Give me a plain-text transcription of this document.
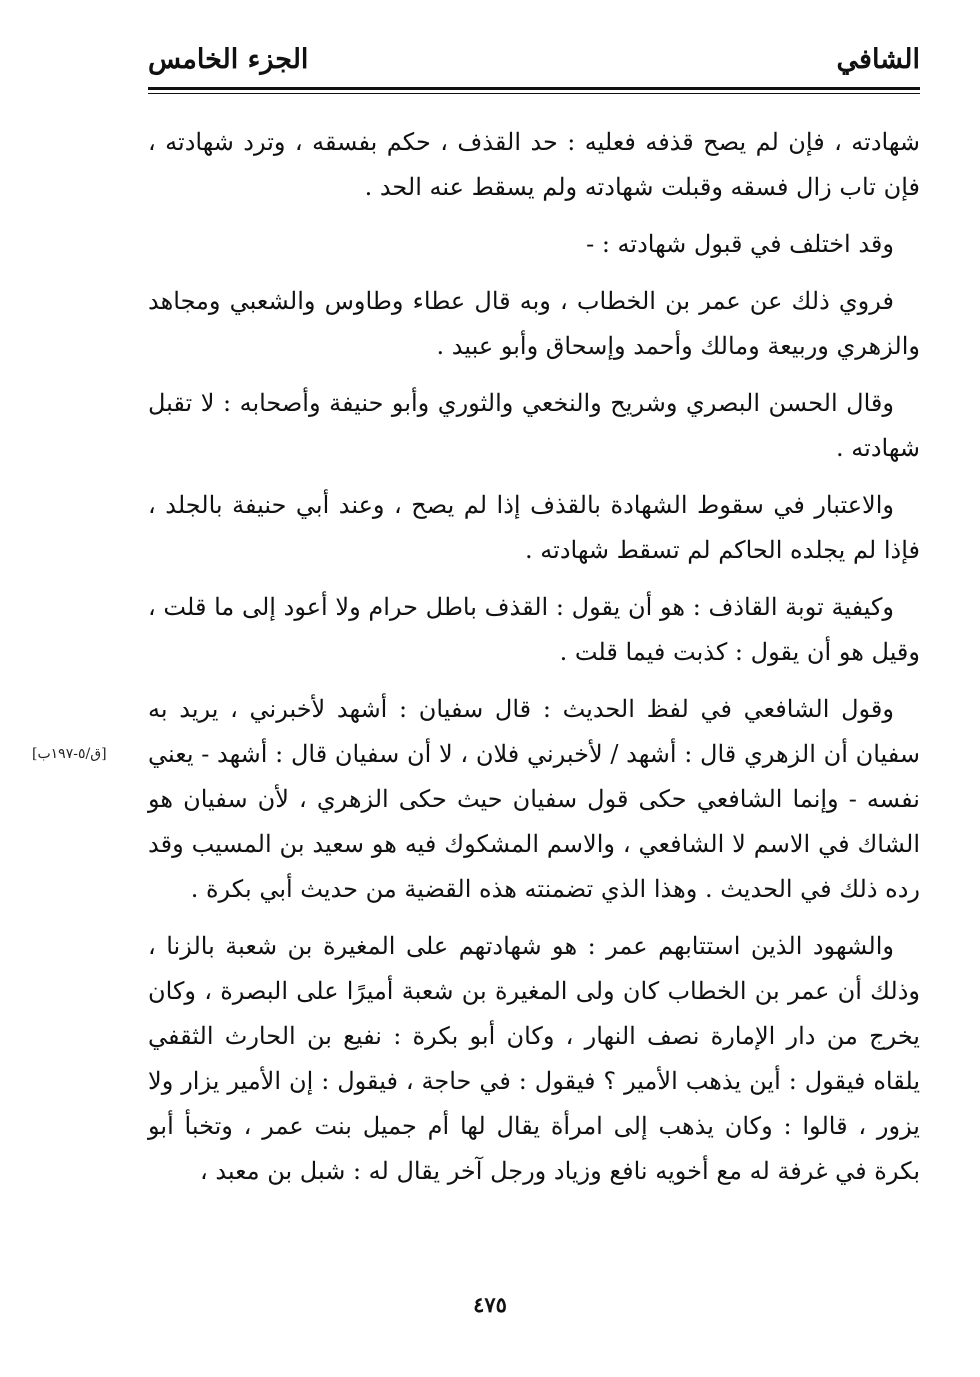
الشافي
الجزء الخامس

شهادته ، فإن لم يصح قذفه فعليه : حد القذف ، حكم بفسقه ، وترد شهادته ، فإن تاب زال فسقه وقبلت شهادته ولم يسقط عنه الحد .

وقد اختلف في قبول شهادته : -

فروي ذلك عن عمر بن الخطاب ، وبه قال عطاء وطاوس والشعبي ومجاهد والزهري وربيعة ومالك وأحمد وإسحاق وأبو عبيد .

وقال الحسن البصري وشريح والنخعي والثوري وأبو حنيفة وأصحابه : لا تقبل شهادته .

والاعتبار في سقوط الشهادة بالقذف إذا لم يصح ، وعند أبي حنيفة بالجلد ، فإذا لم يجلده الحاكم لم تسقط شهادته .

وكيفية توبة القاذف : هو أن يقول : القذف باطل حرام ولا أعود إلى ما قلت ، وقيل هو أن يقول : كذبت فيما قلت .

وقول الشافعي في لفظ الحديث : قال سفيان : أشهد لأخبرني ، يريد به سفيان أن الزهري قال : أشهد / لأخبرني فلان ، لا أن سفيان قال : أشهد - يعني نفسه - وإنما الشافعي حكى قول سفيان حيث حكى الزهري ، لأن سفيان هو الشاك في الاسم لا الشافعي ، والاسم المشكوك فيه هو سعيد بن المسيب وقد رده ذلك في الحديث . وهذا الذي تضمنته هذه القضية من حديث أبي بكرة .

والشهود الذين استتابهم عمر : هو شهادتهم على المغيرة بن شعبة بالزنا ، وذلك أن عمر بن الخطاب كان ولى المغيرة بن شعبة أميرًا على البصرة ، وكان يخرج من دار الإمارة نصف النهار ، وكان أبو بكرة : نفيع بن الحارث الثقفي يلقاه فيقول : أين يذهب الأمير ؟ فيقول : في حاجة ، فيقول : إن الأمير يزار ولا يزور ، قالوا : وكان يذهب إلى امرأة يقال لها أم جميل بنت عمر ، وتخبأ أبو بكرة في غرفة له مع أخويه نافع وزياد ورجل آخر يقال له : شبل بن معبد ،

[ق/٥-١٩٧ب]
٤٧٥
